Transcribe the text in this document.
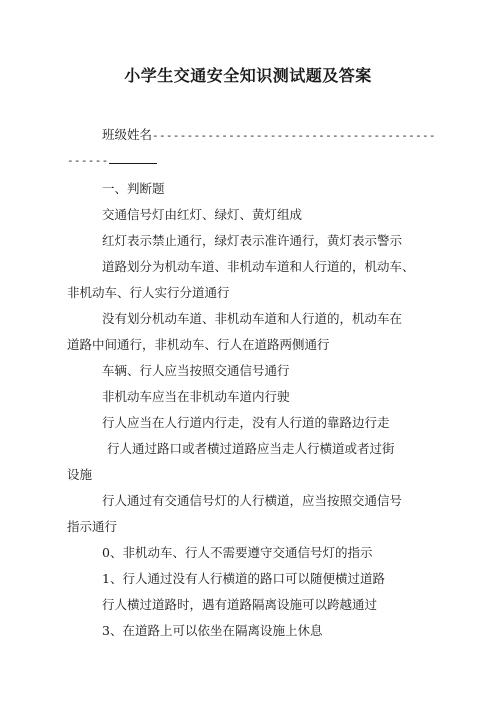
小学生交通安全知识测试题及答案
班级姓名-----------------------------------------
------
一、判断题
交通信号灯由红灯、绿灯、黄灯组成
红灯表示禁止通行，绿灯表示准许通行，黄灯表示警示
道路划分为机动车道、非机动车道和人行道的，机动车、
非机动车、行人实行分道通行
没有划分机动车道、非机动车道和人行道的，机动车在
道路中间通行，非机动车、行人在道路两侧通行
车辆、行人应当按照交通信号通行
非机动车应当在非机动车道内行驶
行人应当在人行道内行走，没有人行道的靠路边行走
行人通过路口或者横过道路应当走人行横道或者过街
设施
行人通过有交通信号灯的人行横道，应当按照交通信号
指示通行
0、非机动车、行人不需要遵守交通信号灯的指示
1、行人通过没有人行横道的路口可以随便横过道路
行人横过道路时，遇有道路隔离设施可以跨越通过
3、在道路上可以依坐在隔离设施上休息
